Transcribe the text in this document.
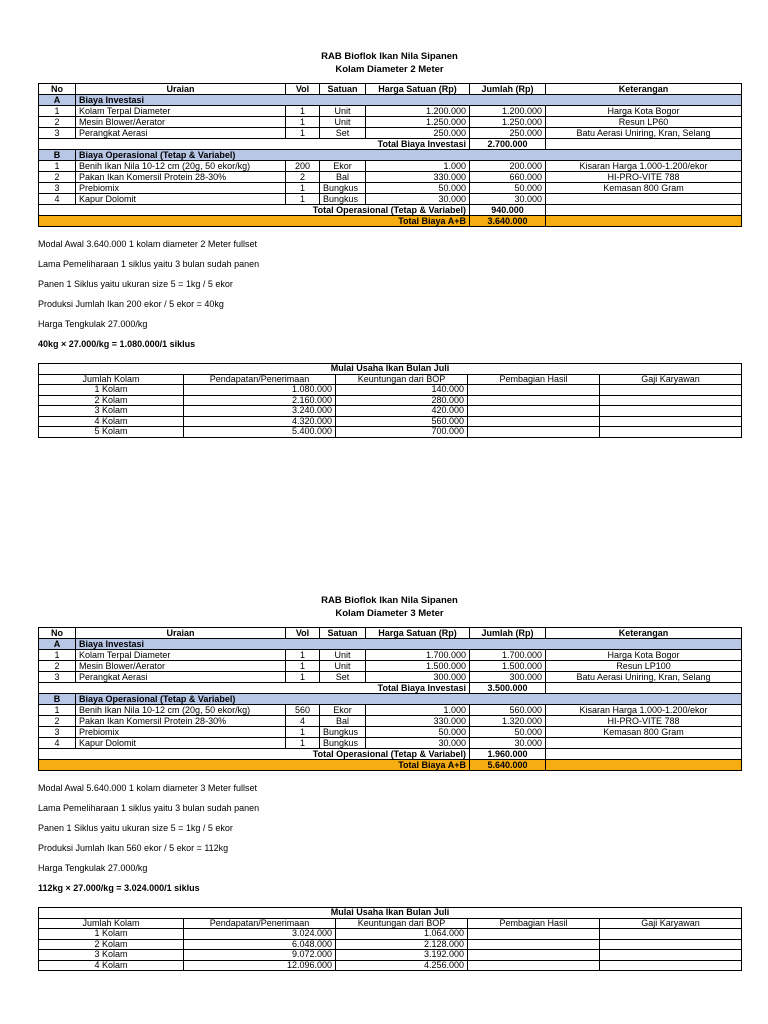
RAB Bioflok Ikan Nila Sipanen
Kolam Diameter 2 Meter
No	Uraian	Vol	Satuan	Harga Satuan (Rp)	Jumlah (Rp)	Keterangan
A	Biaya Investasi					
1	Kolam Terpal Diameter	1	Unit	1.200.000	1.200.000	Harga Kota Bogor
2	Mesin Blower/Aerator	1	Unit	1.250.000	1.250.000	Resun LP60
3	Perangkat Aerasi	1	Set	250.000	250.000	Batu Aerasi Uniring, Kran, Selang
Total Biaya Investasi					2.700.000	
B	Biaya Operasional (Tetap & Variabel)					
1	Benih Ikan Nila 10-12 cm (20g, 50 ekor/kg)	200	Ekor	1.000	200.000	Kisaran Harga 1.000-1.200/ekor
2	Pakan Ikan Komersil Protein 28-30%	2	Bal	330.000	660.000	HI-PRO-VITE 788
3	Prebiomix	1	Bungkus	50.000	50.000	Kemasan 800 Gram
4	Kapur Dolomit	1	Bungkus	30.000	30.000	
Total Operasional (Tetap & Variabel)					940.000	
Total Biaya A+B					3.640.000	

Modal Awal 3.640.000 1 kolam diameter 2 Meter fullset

Lama Pemeliharaan 1 siklus yaitu 3 bulan sudah panen

Panen 1 Siklus yaitu ukuran size 5 = 1kg / 5 ekor

Produksi Jumlah Ikan 200 ekor / 5 ekor = 40kg

Harga Tengkulak 27.000/kg

40kg × 27.000/kg = 1.080.000/1 siklus

Mulai Usaha Ikan Bulan Juli				
Jumlah Kolam	Pendapatan/Penerimaan	Keuntungan dari BOP	Pembagian Hasil	Gaji Karyawan
1 Kolam	1.080.000	140.000		
2 Kolam	2.160.000	280.000		
3 Kolam	3.240.000	420.000		
4 Kolam	4.320.000	560.000		
5 Kolam	5.400.000	700.000		
RAB Bioflok Ikan Nila Sipanen
Kolam Diameter 3 Meter
No	Uraian	Vol	Satuan	Harga Satuan (Rp)	Jumlah (Rp)	Keterangan
A	Biaya Investasi					
1	Kolam Terpal Diameter	1	Unit	1.700.000	1.700.000	Harga Kota Bogor
2	Mesin Blower/Aerator	1	Unit	1.500.000	1.500.000	Resun LP100
3	Perangkat Aerasi	1	Set	300.000	300.000	Batu Aerasi Uniring, Kran, Selang
Total Biaya Investasi					3.500.000	
B	Biaya Operasional (Tetap & Variabel)					
1	Benih Ikan Nila 10-12 cm (20g, 50 ekor/kg)	560	Ekor	1.000	560.000	Kisaran Harga 1.000-1.200/ekor
2	Pakan Ikan Komersil Protein 28-30%	4	Bal	330.000	1.320.000	HI-PRO-VITE 788
3	Prebiomix	1	Bungkus	50.000	50.000	Kemasan 800 Gram
4	Kapur Dolomit	1	Bungkus	30.000	30.000	
Total Operasional (Tetap & Variabel)					1.960.000	
Total Biaya A+B					5.640.000	

Modal Awal 5.640.000 1 kolam diameter 3 Meter fullset

Lama Pemeliharaan 1 siklus yaitu 3 bulan sudah panen

Panen 1 Siklus yaitu ukuran size 5 = 1kg / 5 ekor

Produksi Jumlah Ikan 560 ekor / 5 ekor = 112kg

Harga Tengkulak 27.000/kg

112kg × 27.000/kg = 3.024.000/1 siklus

Mulai Usaha Ikan Bulan Juli				
Jumlah Kolam	Pendapatan/Penerimaan	Keuntungan dari BOP	Pembagian Hasil	Gaji Karyawan
1 Kolam	3.024.000	1.064.000		
2 Kolam	6.048.000	2.128.000		
3 Kolam	9.072.000	3.192.000		
4 Kolam	12.096.000	4.256.000		
